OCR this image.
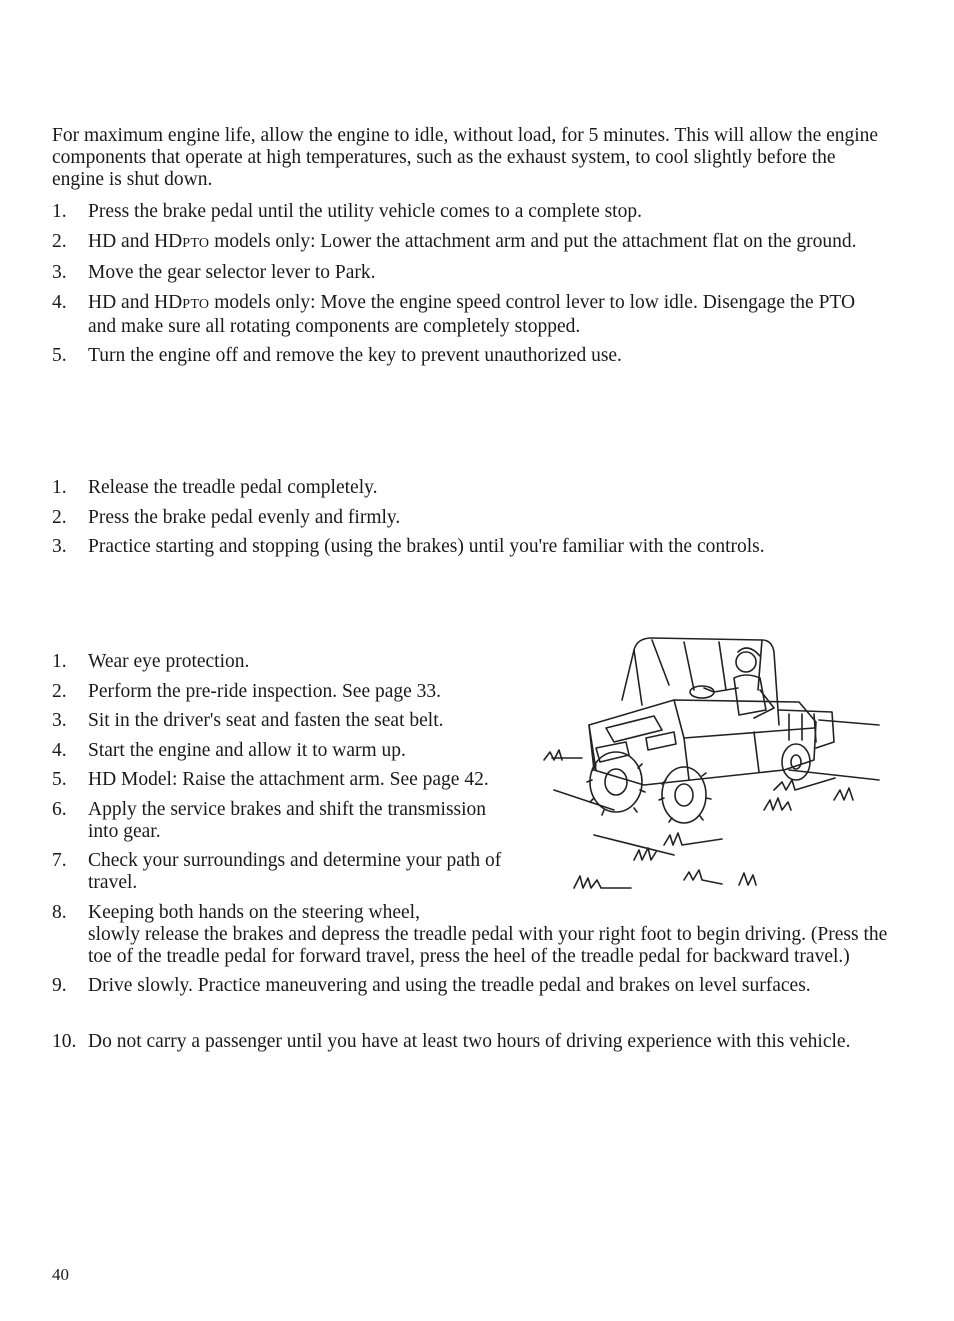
For maximum engine life, allow the engine to idle, without load, for 5 minutes. This will allow the engine components that operate at high temperatures, such as the exhaust system, to cool slightly before the engine is shut down.

1. Press the brake pedal until the utility vehicle comes to a complete stop.
2. HD and HDPTO models only: Lower the attachment arm and put the attachment flat on the ground.
3. Move the gear selector lever to Park.
4. HD and HDPTO models only: Move the engine speed control lever to low idle. Disengage the PTO and make sure all rotating components are completely stopped.
5. Turn the engine off and remove the key to prevent unauthorized use.
1. Release the treadle pedal completely.
2. Press the brake pedal evenly and firmly.
3. Practice starting and stopping (using the brakes) until you're familiar with the controls.
1. Wear eye protection.
2. Perform the pre-ride inspection. See page 33.
3. Sit in the driver's seat and fasten the seat belt.
4. Start the engine and allow it to warm up.
5. HD Model: Raise the attachment arm. See page 42.
6. Apply the service brakes and shift the transmission into gear.
7. Check your surroundings and determine your path of travel.
8. Keeping both hands on the steering wheel,
slowly release the brakes and depress the treadle pedal with your right foot to begin driving. (Press the toe of the treadle pedal for forward travel, press the heel of the treadle pedal for backward travel.)
9. Drive slowly. Practice maneuvering and using the treadle pedal and brakes on level surfaces.
10. Do not carry a passenger until you have at least two hours of driving experience with this vehicle.
40
